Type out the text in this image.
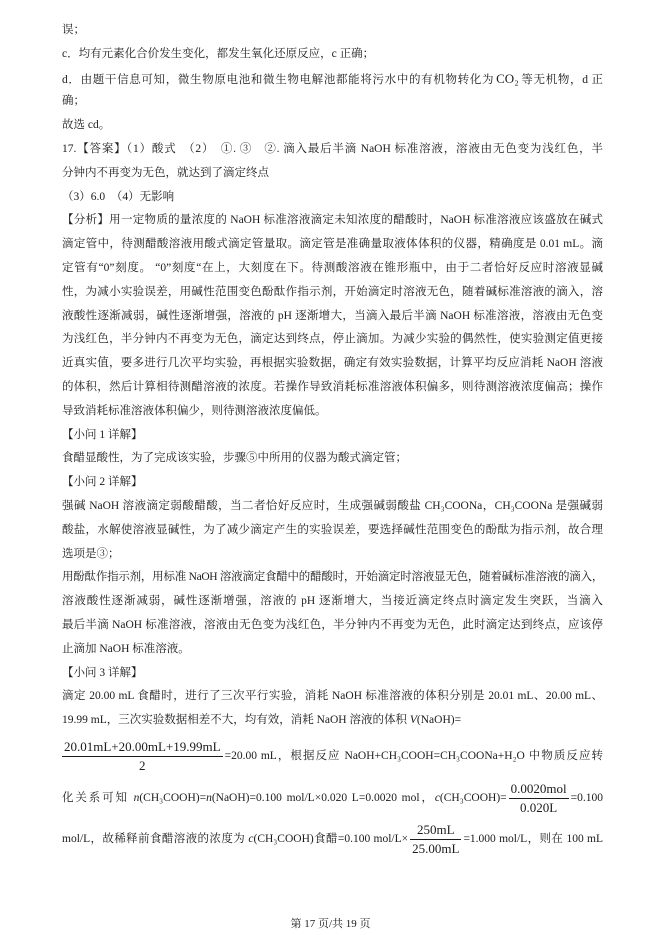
误；
c．均有元素化合价发生变化，都发生氧化还原反应，c 正确；
d．由题干信息可知，微生物原电池和微生物电解池都能将污水中的有机物转化为 CO₂ 等无机物，d 正
确；
故选 cd。
17.【答案】（1）酸式　（2）　①. ③　②. 滴入最后半滴 NaOH 标准溶液，溶液由无色变为浅红色，半
分钟内不再变为无色，就达到了滴定终点
（3）6.0　（4）无影响
【分析】用一定物质的量浓度的 NaOH 标准溶液滴定未知浓度的醋酸时，NaOH 标准溶液应该盛放在碱式
滴定管中，待测醋酸溶液用酸式滴定管量取。滴定管是准确量取液体体积的仪器，精确度是 0.01 mL。滴
定管有“0”刻度。 “0”刻度“在上，大刻度在下。待测酸溶液在锥形瓶中，由于二者恰好反应时溶液显碱
性，为减小实验误差，用碱性范围变色酚酞作指示剂，开始滴定时溶液无色，随着碱标准溶液的滴入，溶
液酸性逐渐减弱，碱性逐渐增强，溶液的 pH 逐渐增大，当滴入最后半滴 NaOH 标准溶液，溶液由无色变
为浅红色，半分钟内不再变为无色，滴定达到终点，停止滴加。为减少实验的偶然性，使实验测定值更接
近真实值，要多进行几次平均实验，再根据实验数据，确定有效实验数据，计算平均反应消耗 NaOH 溶液
的体积，然后计算相待测醋溶液的浓度。若操作导致消耗标准溶液体积偏多，则待测溶液浓度偏高；操作
导致消耗标准溶液体积偏少，则待测溶液浓度偏低。
【小问 1 详解】
食醋显酸性，为了完成该实验，步骤⑤中所用的仪器为酸式滴定管；
【小问 2 详解】
强碱 NaOH 溶液滴定弱酸醋酸，当二者恰好反应时，生成强碱弱酸盐 CH₃COONa，CH₃COONa 是强碱弱
酸盐，水解使溶液显碱性，为了减少滴定产生的实验误差，要选择碱性范围变色的酚酞为指示剂，故合理
选项是③；
用酚酞作指示剂，用标准 NaOH 溶液滴定食醋中的醋酸时，开始滴定时溶液显无色，随着碱标准溶液的滴入，
溶液酸性逐渐减弱，碱性逐渐增强，溶液的 pH 逐渐增大，当接近滴定终点时滴定发生突跃，当滴入
最后半滴 NaOH 标准溶液，溶液由无色变为浅红色，半分钟内不再变为无色，此时滴定达到终点，应该停
止滴加 NaOH 标准溶液。
【小问 3 详解】
滴定 20.00 mL 食醋时，进行了三次平行实验，消耗 NaOH 标准溶液的体积分别是 20.01 mL、20.00 mL、
19.99 mL，三次实验数据相差不大，均有效，消耗 NaOH 溶液的体积 V(NaOH)=
$\frac{20.01mL+20.00mL+19.99mL}{2} =20.00$ mL，根据反应 NaOH+CH₃COOH=CH₃COONa+H₂O 中物质反应转
化关系可知 n(CH₃COOH)=n(NaOH)=0.100 mol/L×0.020 L=0.0020 mol，c(CH₃COOH)= $\frac{\text{0.0020mol}}{0.020L} =0.100$
mol/L，故稀释前食醋溶液的浓度为 c(CH₃COOH)食醋=0.100 $mol/L\times \frac{250mL}{25.00mL} =1.000$ mol/L，则在 100 mL
第 17 页/共 19 页
